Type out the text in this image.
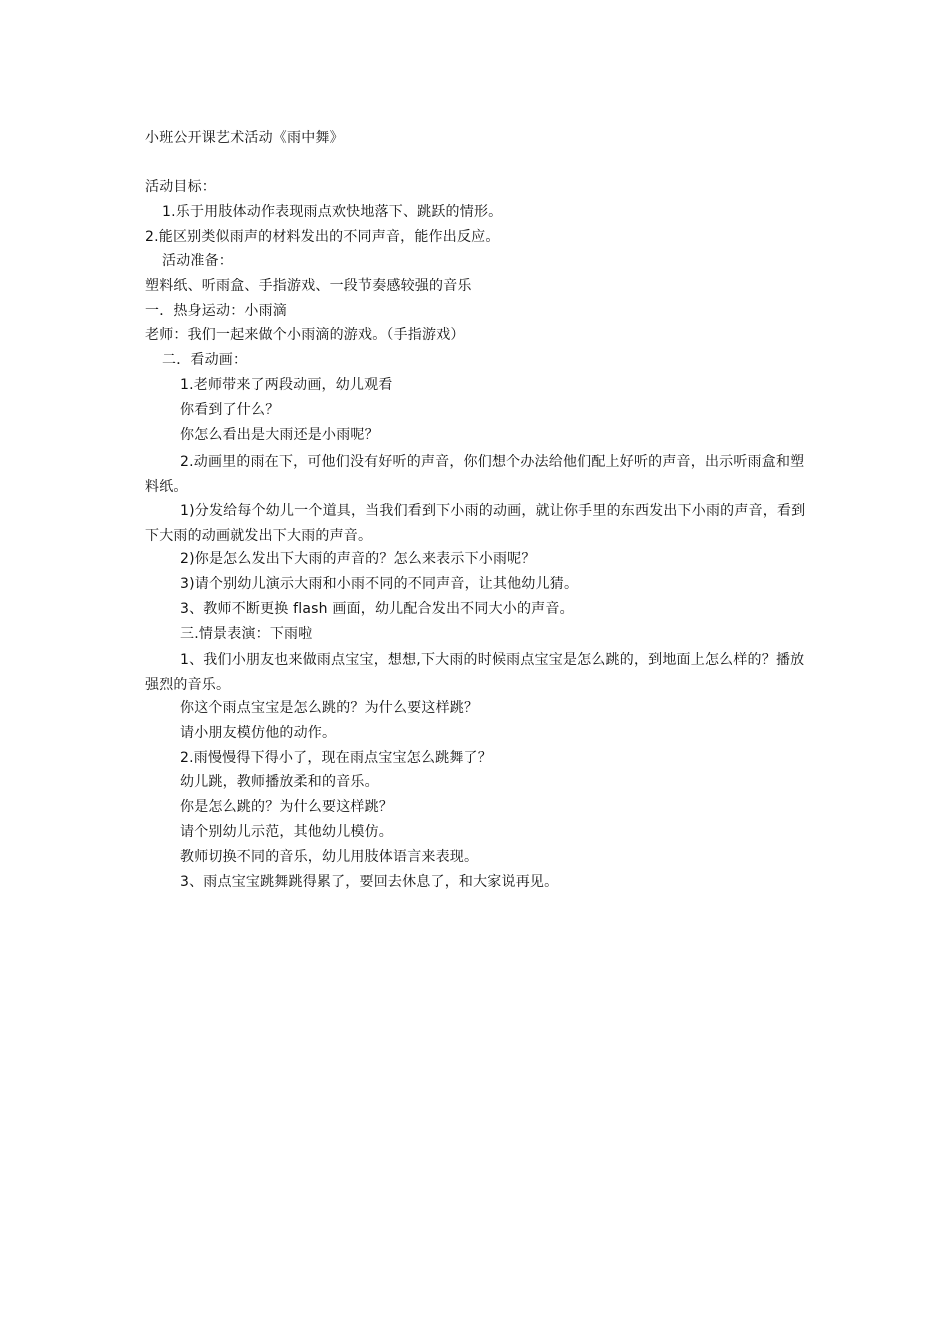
小班公开课艺术活动《雨中舞》
活动目标：
1.乐于用肢体动作表现雨点欢快地落下、跳跃的情形。
2.能区别类似雨声的材料发出的不同声音，能作出反应。
活动准备：
塑料纸、听雨盒、手指游戏、一段节奏感较强的音乐
一．热身运动：小雨滴
老师：我们一起来做个小雨滴的游戏。（手指游戏）
二．看动画：
1.老师带来了两段动画，幼儿观看
你看到了什么？
你怎么看出是大雨还是小雨呢？
2.动画里的雨在下，可他们没有好听的声音，你们想个办法给他们配上好听的声音，出示听雨盒和塑料纸。
1)分发给每个幼儿一个道具，当我们看到下小雨的动画，就让你手里的东西发出下小雨的声音，看到下大雨的动画就发出下大雨的声音。
2)你是怎么发出下大雨的声音的？怎么来表示下小雨呢？
3)请个别幼儿演示大雨和小雨不同的不同声音，让其他幼儿猜。
3、教师不断更换 flash 画面，幼儿配合发出不同大小的声音。
三.情景表演：下雨啦
1、我们小朋友也来做雨点宝宝，想想,下大雨的时候雨点宝宝是怎么跳的，到地面上怎么样的？播放强烈的音乐。
你这个雨点宝宝是怎么跳的？为什么要这样跳？
请小朋友模仿他的动作。
2.雨慢慢得下得小了，现在雨点宝宝怎么跳舞了？
幼儿跳，教师播放柔和的音乐。
你是怎么跳的？为什么要这样跳？
请个别幼儿示范，其他幼儿模仿。
教师切换不同的音乐，幼儿用肢体语言来表现。
3、雨点宝宝跳舞跳得累了，要回去休息了，和大家说再见。
